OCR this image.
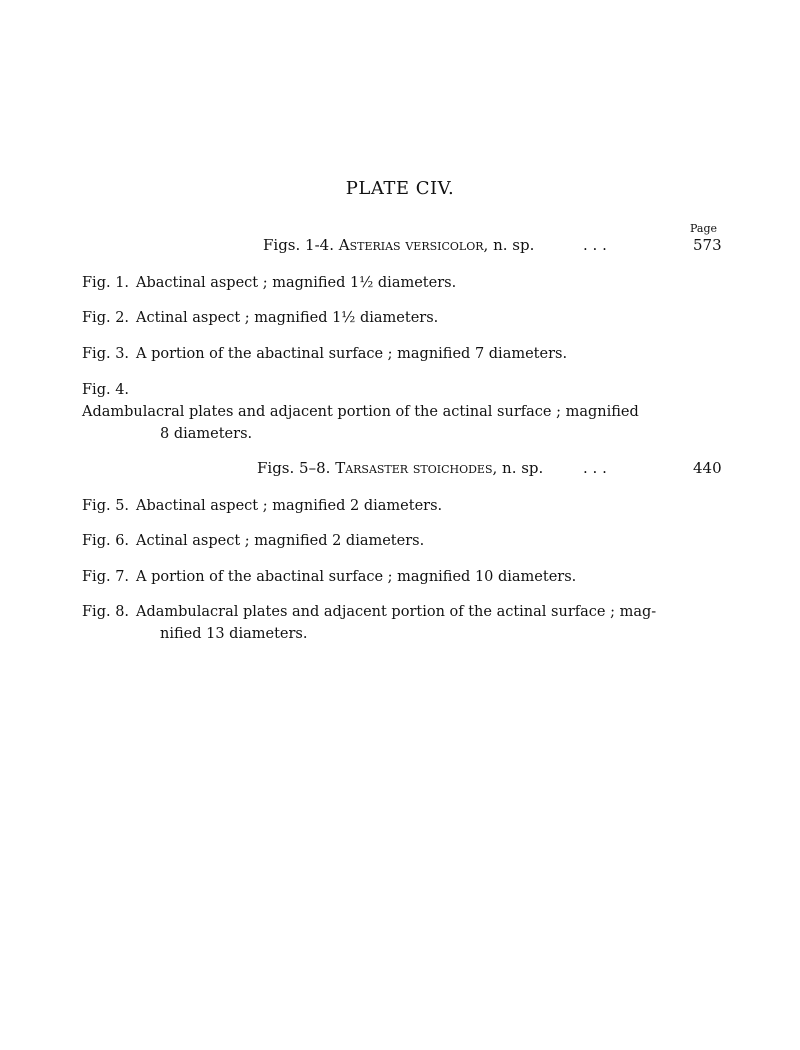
PLATE CIV.
Page
Figs. 1-4. Asterias versicolor, n. sp.	. . .	573
Fig. 1. Abactinal aspect ; magnified 1½ diameters.
Fig. 2. Actinal aspect ; magnified 1½ diameters.
Fig. 3. A portion of the abactinal surface ; magnified 7 diameters.
Fig. 4.Adambulacral plates and adjacent portion of the actinal surface ; magnified
8 diameters.
Figs. 5–8. Tarsaster stoichodes, n. sp.	. . .	440
Fig. 5. Abactinal aspect ; magnified 2 diameters.
Fig. 6. Actinal aspect ; magnified 2 diameters.
Fig. 7. A portion of the abactinal surface ; magnified 10 diameters.
Fig. 8. Adambulacral plates and adjacent portion of the actinal surface ; mag-
nified 13 diameters.
